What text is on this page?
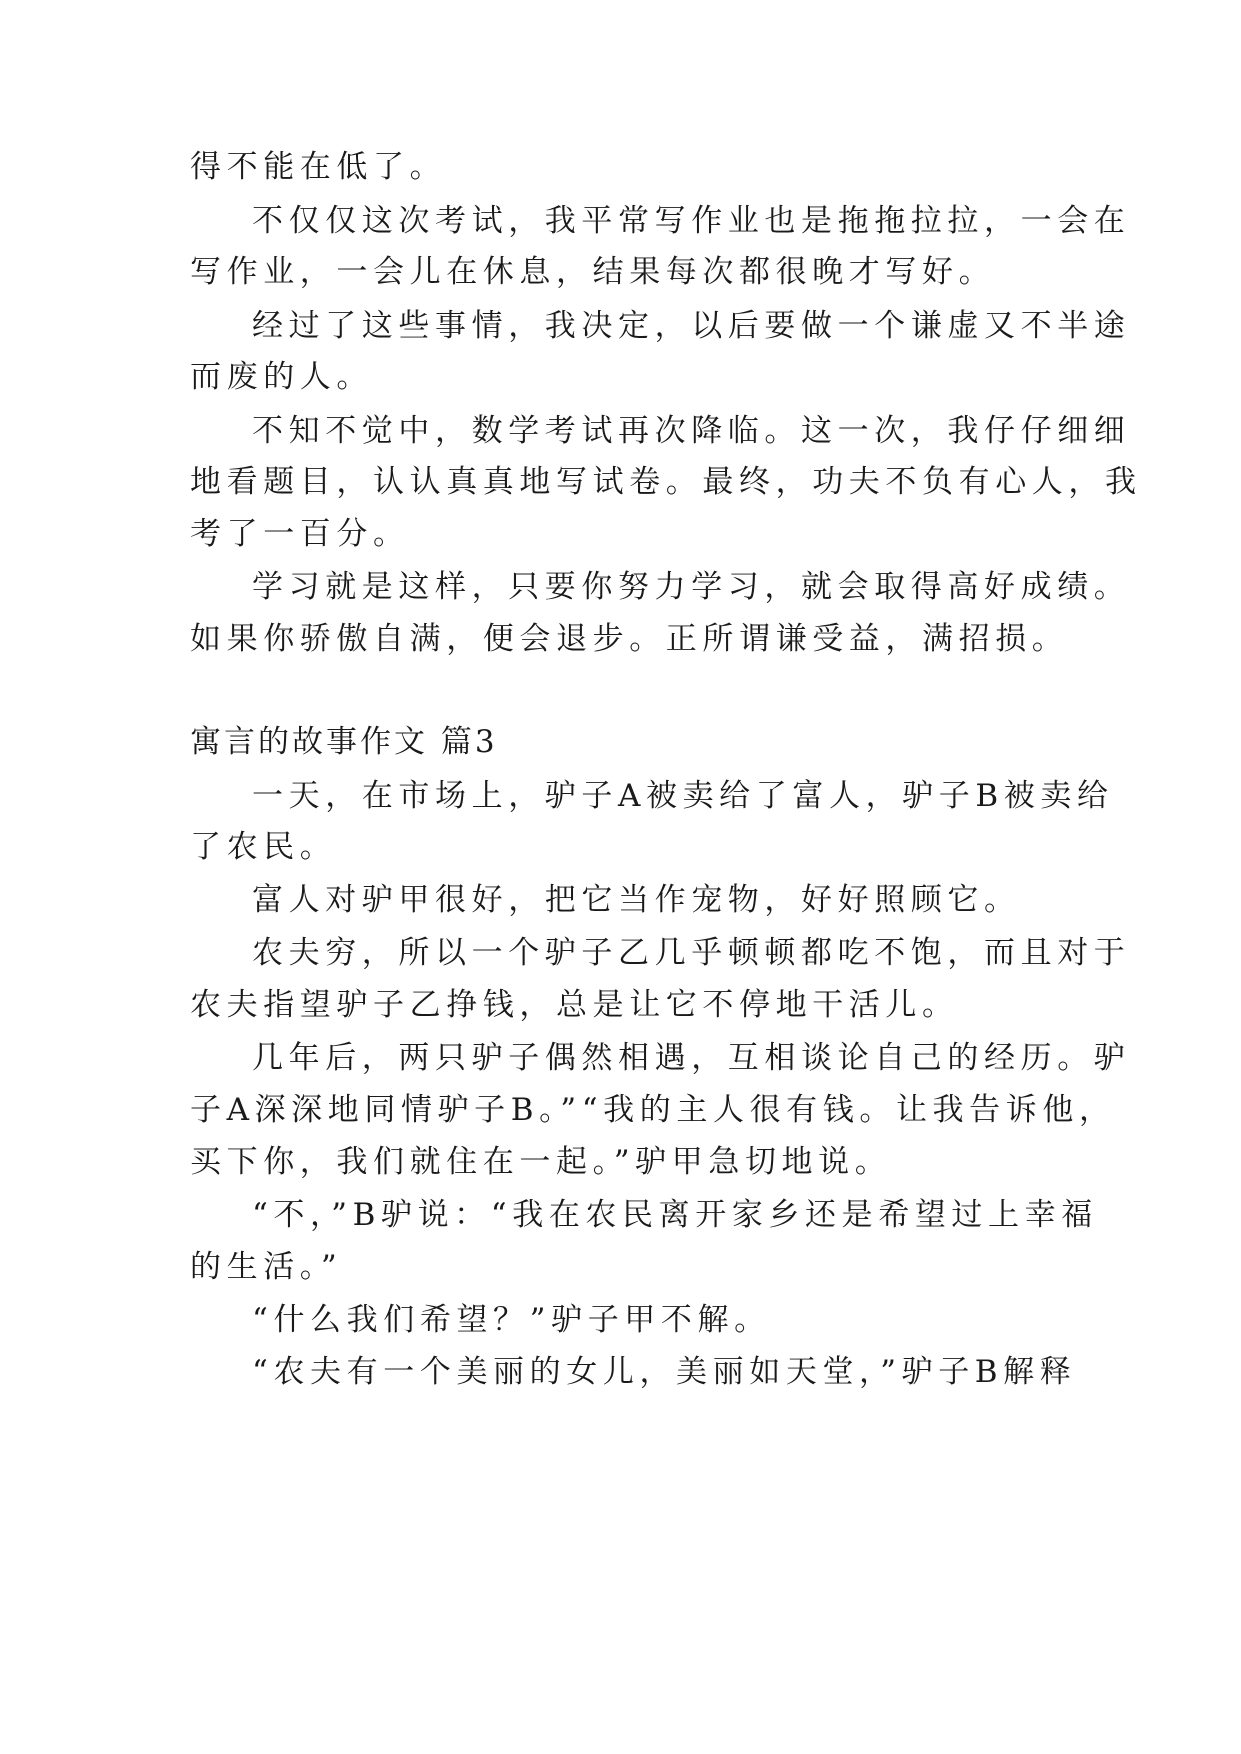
得不能在低了。
不仅仅这次考试，我平常写作业也是拖拖拉拉，一会在
写作业，一会儿在休息，结果每次都很晚才写好。
经过了这些事情，我决定，以后要做一个谦虚又不半途
而废的人。
不知不觉中，数学考试再次降临。这一次，我仔仔细细
地看题目，认认真真地写试卷。最终，功夫不负有心人，我
考了一百分。
学习就是这样，只要你努力学习，就会取得高好成绩。
如果你骄傲自满，便会退步。正所谓谦受益，满招损。
寓言的故事作文 篇3
一天，在市场上，驴子A被卖给了富人，驴子B被卖给
了农民。
富人对驴甲很好，把它当作宠物，好好照顾它。
农夫穷，所以一个驴子乙几乎顿顿都吃不饱，而且对于
农夫指望驴子乙挣钱，总是让它不停地干活儿。
几年后，两只驴子偶然相遇，互相谈论自己的经历。驴
子A深深地同情驴子B。”“我的主人很有钱。让我告诉他，
买下你，我们就住在一起。”驴甲急切地说。
“不，”B驴说：“我在农民离开家乡还是希望过上幸福
的生活。”
“什么我们希望？”驴子甲不解。
“农夫有一个美丽的女儿，美丽如天堂，”驴子B解释
